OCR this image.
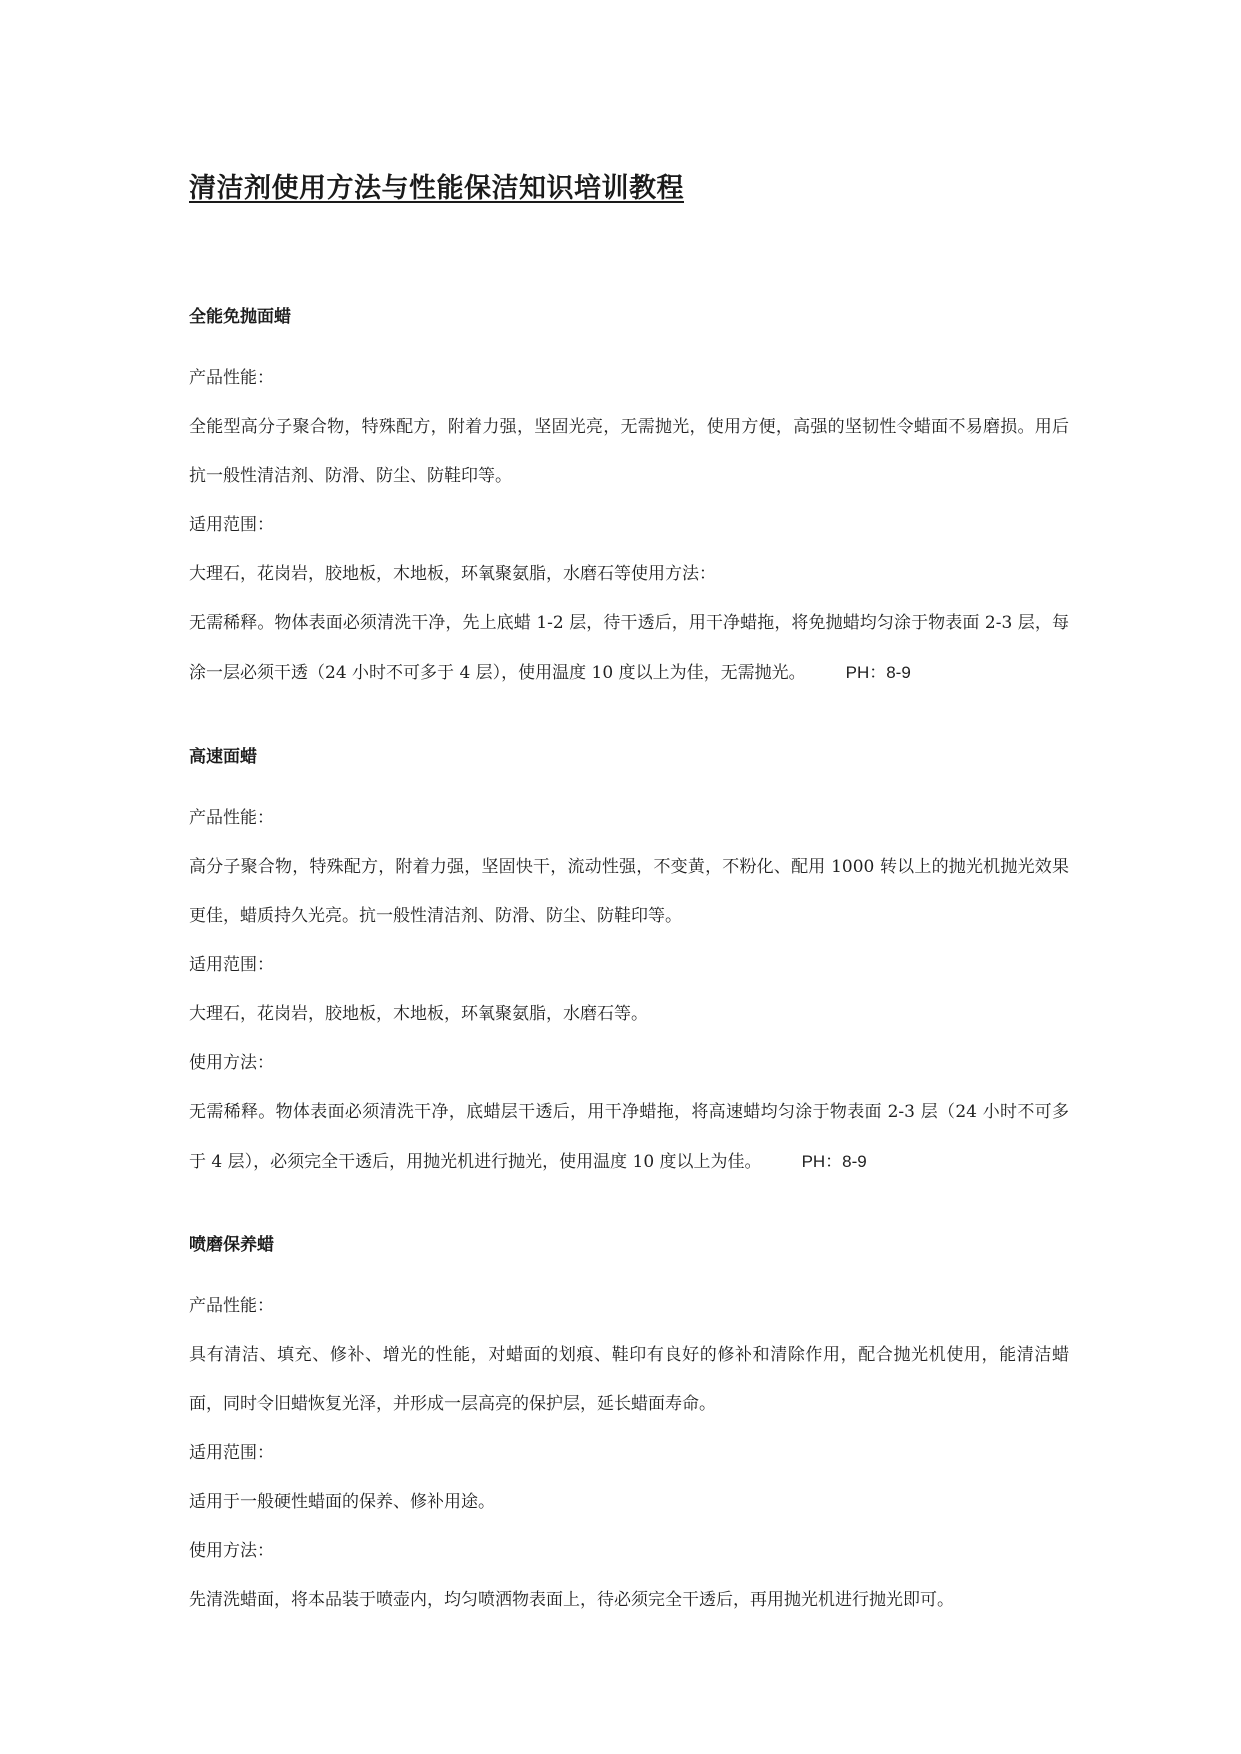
清洁剂使用方法与性能保洁知识培训教程
全能免抛面蜡

产品性能：

全能型高分子聚合物，特殊配方，附着力强，坚固光亮，无需抛光，使用方便，高强的坚韧性令蜡面不易磨损。用后抗一般性清洁剂、防滑、防尘、防鞋印等。

适用范围：

大理石，花岗岩，胶地板，木地板，环氧聚氨脂，水磨石等使用方法：

无需稀释。物体表面必须清洗干净，先上底蜡 1-2 层，待干透后，用干净蜡拖，将免抛蜡均匀涂于物表面 2-3 层，每涂一层必须干透（24 小时不可多于 4 层），使用温度 10 度以上为佳，无需抛光。 PH：8-9

高速面蜡

产品性能：

高分子聚合物，特殊配方，附着力强，坚固快干，流动性强，不变黄，不粉化、配用 1000 转以上的抛光机抛光效果更佳，蜡质持久光亮。抗一般性清洁剂、防滑、防尘、防鞋印等。

适用范围：

大理石，花岗岩，胶地板，木地板，环氧聚氨脂，水磨石等。

使用方法：

无需稀释。物体表面必须清洗干净，底蜡层干透后，用干净蜡拖，将高速蜡均匀涂于物表面 2-3 层（24 小时不可多于 4 层），必须完全干透后，用抛光机进行抛光，使用温度 10 度以上为佳。 PH：8-9

喷磨保养蜡

产品性能：

具有清洁、填充、修补、增光的性能，对蜡面的划痕、鞋印有良好的修补和清除作用，配合抛光机使用，能清洁蜡面，同时令旧蜡恢复光泽，并形成一层高亮的保护层，延长蜡面寿命。

适用范围：

适用于一般硬性蜡面的保养、修补用途。

使用方法：

先清洗蜡面，将本品装于喷壶内，均匀喷洒物表面上，待必须完全干透后，再用抛光机进行抛光即可。
